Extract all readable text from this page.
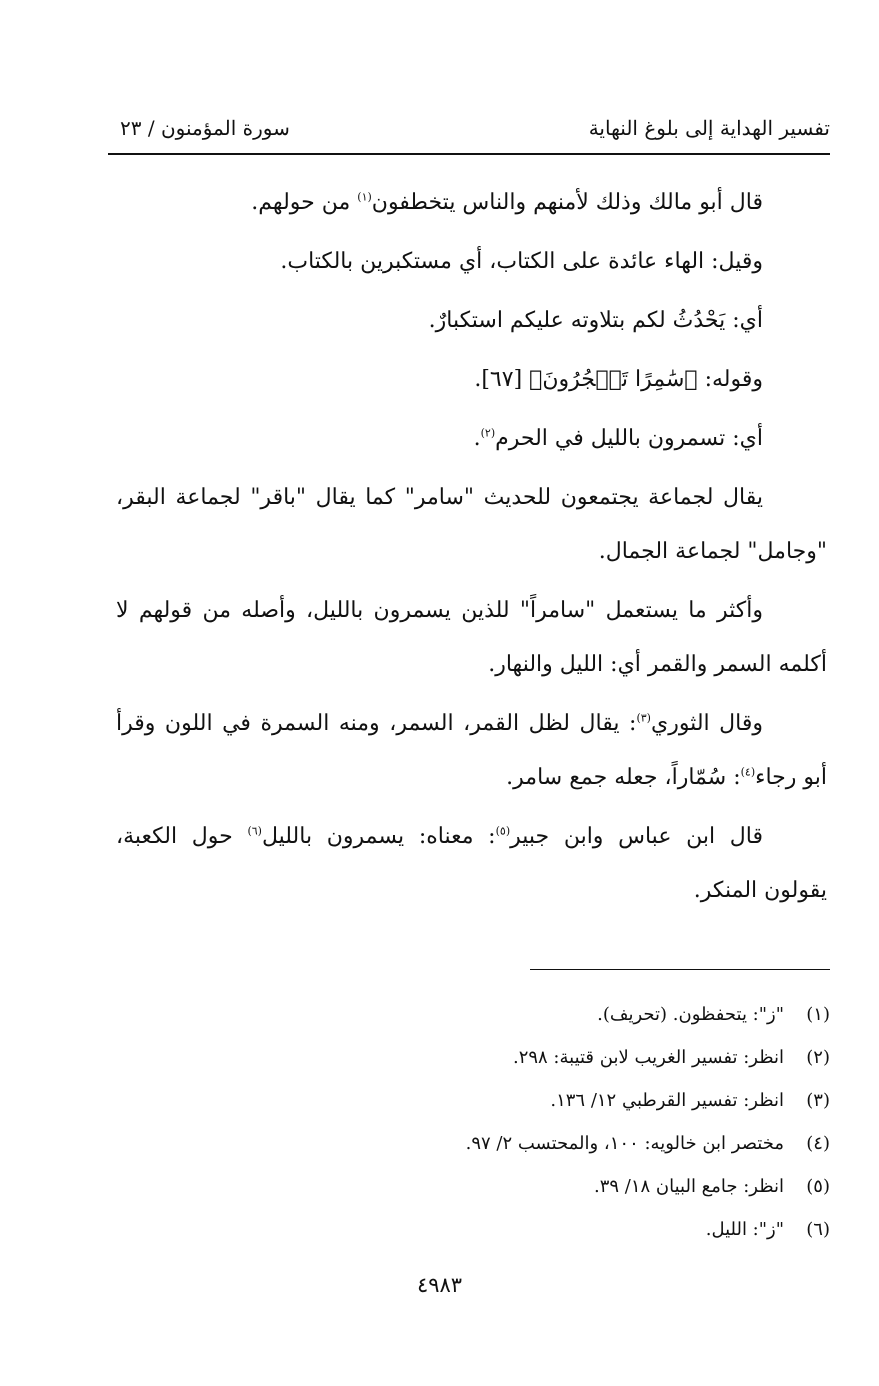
تفسير الهداية إلى بلوغ النهاية
سورة المؤمنون / ٢٣

قال أبو مالك وذلك لأمنهم والناس يتخطفون$^{(١)}$ من حولهم.

وقيل: الهاء عائدة على الكتاب، أي مستكبرين بالكتاب.

أي: يَحْدُثُ لكم بتلاوته عليكم استكبارٌ.

وقوله: ﴿سَٰمِرًا تَهۡجُرُونَ﴾ [٦٧].

أي: تسمرون بالليل في الحرم$^{(٢)}$.

يقال لجماعة يجتمعون للحديث "سامر" كما يقال "باقر" لجماعة البقر، "وجامل" لجماعة الجمال.

وأكثر ما يستعمل "سامراً" للذين يسمرون بالليل، وأصله من قولهم لا أكلمه السمر والقمر أي: الليل والنهار.

وقال الثوري$^{(٣)}$: يقال لظل القمر، السمر، ومنه السمرة في اللون وقرأ أبو رجاء$^{(٤)}$: سُمّاراً، جعله جمع سامر.

قال ابن عباس وابن جبير$^{(٥)}$: معناه: يسمرون بالليل$^{(٦)}$ حول الكعبة، يقولون المنكر.

(١)"ز": يتحفظون. (تحريف).
(٢)انظر: تفسير الغريب لابن قتيبة: ٢٩٨.
(٣)انظر: تفسير القرطبي ١٢/ ١٣٦.
(٤)مختصر ابن خالويه: ١٠٠، والمحتسب ٢/ ٩٧.
(٥)انظر: جامع البيان ١٨/ ٣٩.
(٦)"ز": الليل.
٤٩٨٣
